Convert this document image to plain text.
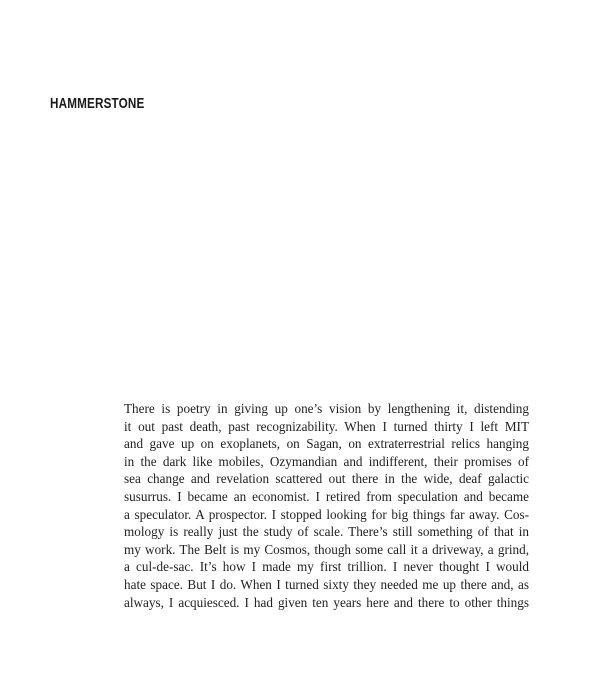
HAMMERSTONE
There is poetry in giving up one’s vision by lengthening it, distending
it out past death, past recognizability. When I turned thirty I left MIT
and gave up on exoplanets, on Sagan, on extraterrestrial relics hanging
in the dark like mobiles, Ozymandian and indifferent, their promises of
sea change and revelation scattered out there in the wide, deaf galactic
susurrus. I became an economist. I retired from speculation and became
a speculator. A prospector. I stopped looking for big things far away. Cos-
mology is really just the study of scale. There’s still something of that in
my work. The Belt is my Cosmos, though some call it a driveway, a grind,
a cul-de-sac. It’s how I made my first trillion. I never thought I would
hate space. But I do. When I turned sixty they needed me up there and, as
always, I acquiesced. I had given ten years here and there to other things
